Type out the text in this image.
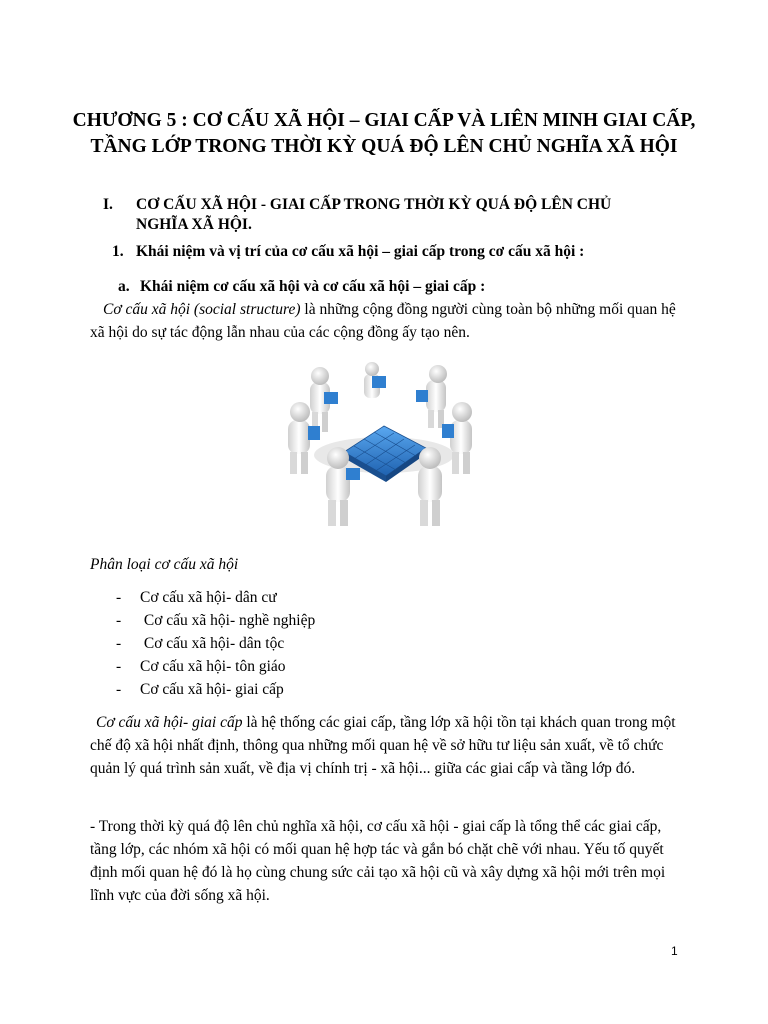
CHƯƠNG 5 : CƠ CẤU XÃ HỘI – GIAI CẤP VÀ LIÊN MINH GIAI CẤP, TẦNG LỚP TRONG THỜI KỲ QUÁ ĐỘ LÊN CHỦ NGHĨA XÃ HỘI
I. CƠ CẤU XÃ HỘI - GIAI CẤP TRONG THỜI KỲ QUÁ ĐỘ LÊN CHỦ NGHĨA XÃ HỘI.
1. Khái niệm và vị trí của cơ cấu xã hội – giai cấp trong cơ cấu xã hội :
a. Khái niệm cơ cấu xã hội và cơ cấu xã hội – giai cấp :

Cơ cấu xã hội (social structure) là những cộng đồng người cùng toàn bộ những mối quan hệ xã hội do sự tác động lẫn nhau của các cộng đồng ấy tạo nên.

Phân loại cơ cấu xã hội

- Cơ cấu xã hội- dân cư
-  Cơ cấu xã hội- nghề nghiệp
-  Cơ cấu xã hội- dân tộc
- Cơ cấu xã hội- tôn giáo
- Cơ cấu xã hội- giai cấp

Cơ cấu xã hội- giai cấp là hệ thống các giai cấp, tầng lớp xã hội tồn tại khách quan trong một chế độ xã hội nhất định, thông qua những mối quan hệ về sở hữu tư liệu sản xuất, về tổ chức quản lý quá trình sản xuất, về địa vị chính trị - xã hội... giữa các giai cấp và tầng lớp đó.

- Trong thời kỳ quá độ lên chủ nghĩa xã hội, cơ cấu xã hội - giai cấp là tổng thể các giai cấp, tầng lớp, các nhóm xã hội có mối quan hệ hợp tác và gắn bó chặt chẽ với nhau. Yếu tố quyết định mối quan hệ đó là họ cùng chung sức cải tạo xã hội cũ và xây dựng xã hội mới trên mọi lĩnh vực của đời sống xã hội.

1
